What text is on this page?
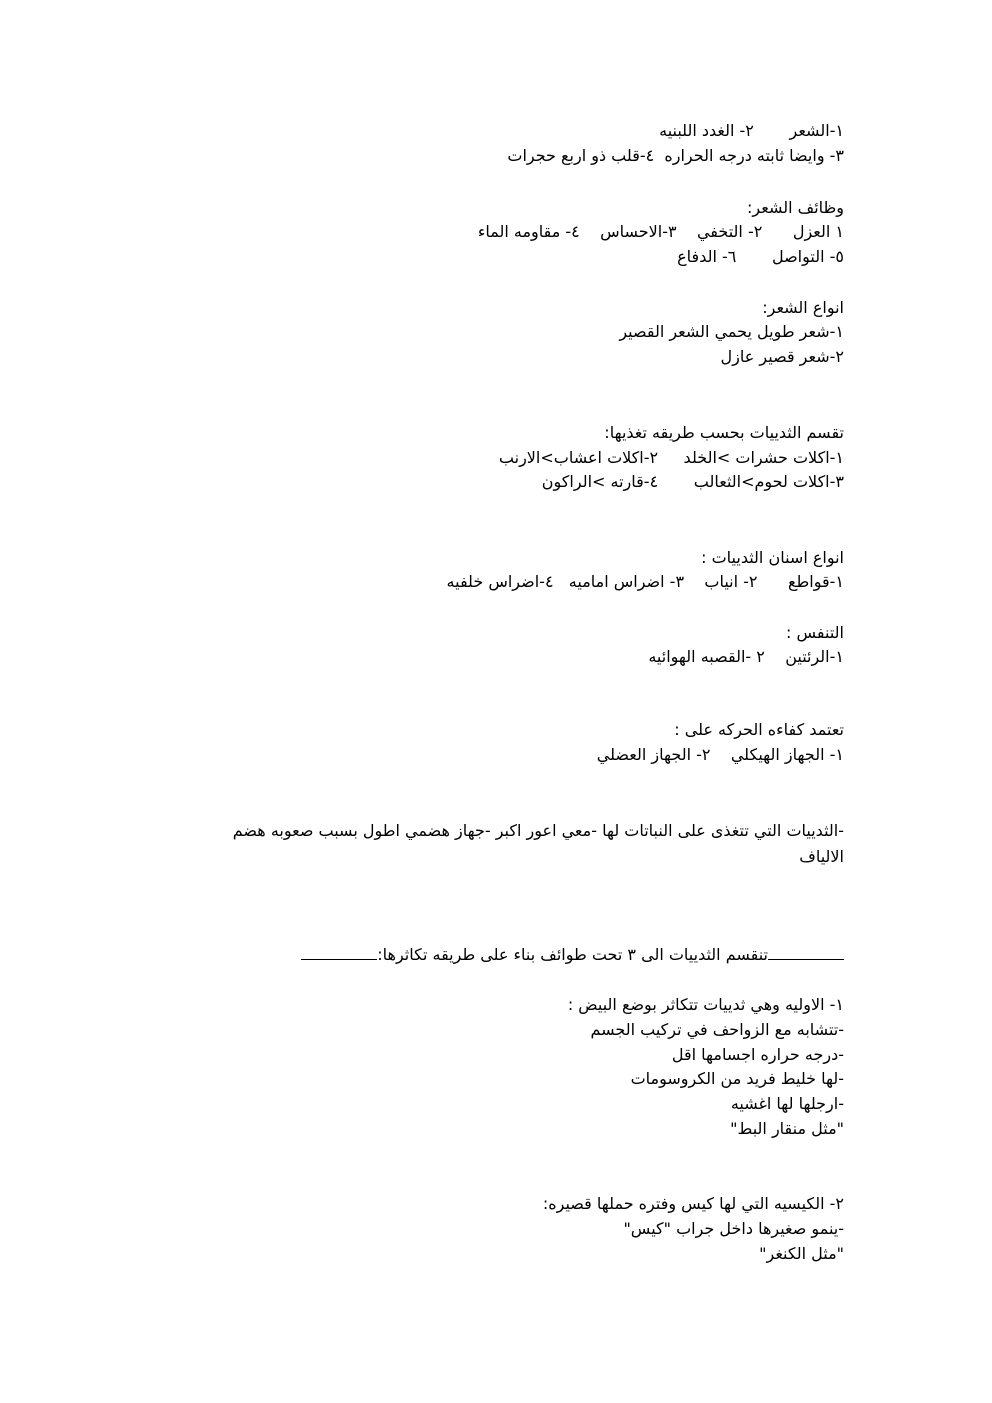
١-الشعر       ٢- الغدد اللبنيه
٣- وايضا ثابته درجه الحراره  ٤-قلب ذو اربع حجرات
وظائف الشعر:
١ العزل      ٢- التخفي    ٣-الاحساس    ٤- مقاومه الماء
٥- التواصل       ٦- الدفاع
انواع الشعر:
١-شعر طويل يحمي الشعر القصير
٢-شعر قصير عازل
تقسم الثدييات بحسب طريقه تغذيها:
١-اكلات حشرات >الخلد     ٢-اكلات اعشاب>الارنب
٣-اكلات لحوم>الثعالب       ٤-قارته >الراكون
انواع اسنان الثدييات :
١-قواطع      ٢- انياب    ٣- اضراس اماميه   ٤-اضراس خلفيه
التنفس :
١-الرئتين    ٢ -القصبه الهوائيه
تعتمد كفاءه الحركه على :
١- الجهاز الهيكلي    ٢- الجهاز العضلي
-الثدييات التي تتغذى على النباتات لها -معي اعور اكبر -جهاز هضمي اطول بسبب صعوبه هضم الالياف
تنقسم الثدييات الى ٣ تحت طوائف بناء على طريقه تكاثرها:
١- الاوليه وهي ثدييات تتكاثر بوضع البيض :
-تتشابه مع الزواحف في تركيب الجسم
-درجه حراره اجسامها اقل
-لها خليط فريد من الكروسومات
-ارجلها لها اغشيه
"مثل منقار البط"
٢- الكيسيه التي لها كيس وفتره حملها قصيره:
-ينمو صغيرها داخل جراب "كيس"
"مثل الكنغر"
